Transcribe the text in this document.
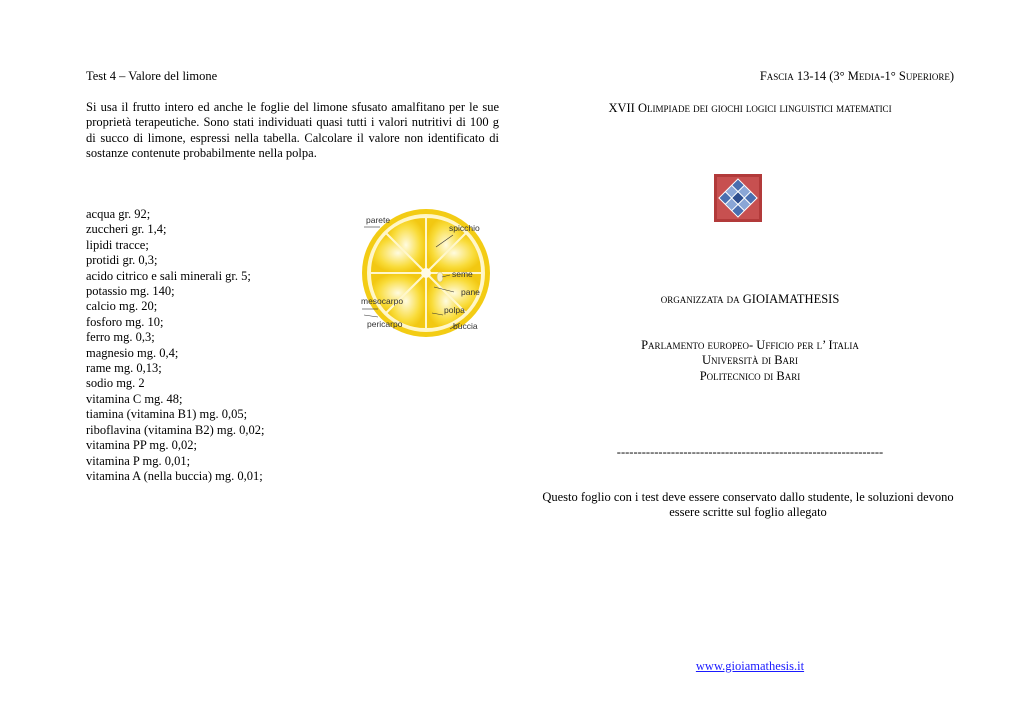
Test 4 – Valore del limone
Si usa il frutto intero ed anche le foglie del limone sfusato amalfitano per le sue proprietà terapeutiche. Sono stati individuati quasi tutti i valori nutritivi di 100 g di succo di limone, espressi nella tabella. Calcolare il valore non identificato di sostanze contenute probabilmente nella polpa.
acqua gr. 92;
zuccheri gr. 1,4;
lipidi tracce;
protidi gr. 0,3;
acido citrico e sali minerali gr. 5;
potassio mg. 140;
calcio mg. 20;
fosforo mg. 10;
ferro mg. 0,3;
magnesio mg. 0,4;
rame mg. 0,13;
sodio mg. 2
vitamina C mg. 48;
tiamina (vitamina B1) mg. 0,05;
riboflavina (vitamina B2) mg. 0,02;
vitamina PP mg. 0,02;
vitamina P mg. 0,01;
vitamina A (nella buccia) mg. 0,01;
parete
spicchio
seme
pane
mesocarpo
polpa
pericarpo	buccia
Fascia 13-14 (3° Media-1° Superiore)
XVII Olimpiade dei giochi logici linguistici matematici
organizzata da GIOIAMATHESIS
Parlamento europeo- Ufficio per l’ Italia
Università di Bari
Politecnico di Bari
----------------------------------------------------------------
Questo foglio con i test deve essere conservato dallo studente, le soluzioni devono essere scritte sul foglio allegato
www.gioiamathesis.it
